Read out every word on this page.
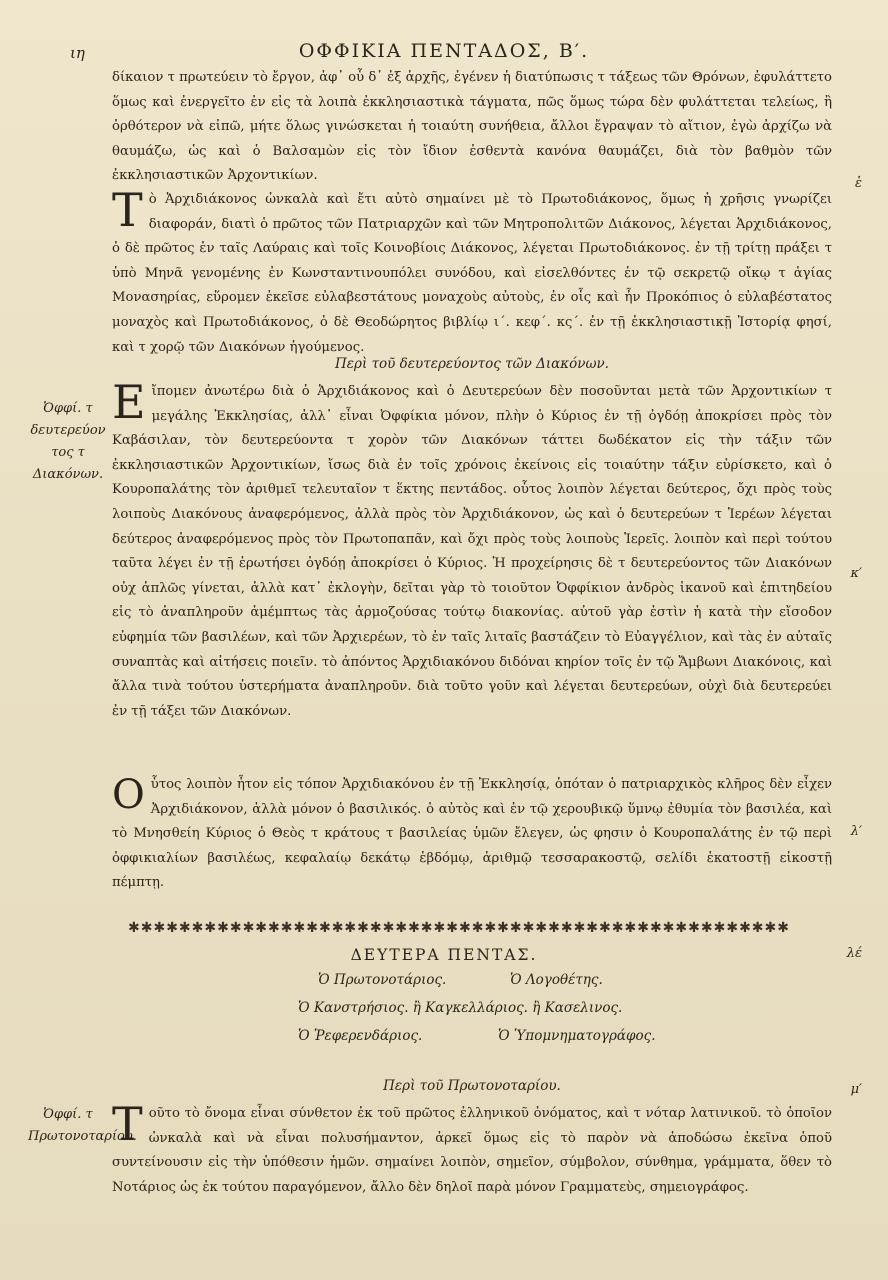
ιη	ΟΦΦΙΚΙΑ ΠΕΝΤΑΔΟΣ, Β′.

δίκαιον τ πρωτεύειν τὸ ἔργον, ἀφ᾽ οὗ δ᾽ ἐξ ἀρχῆς, ἐγένεν ἡ διατύπωσις τ τάξεως τῶν Θρόνων, ἐφυλάττετο ὅμως καὶ ἐνεργεῖτο ἐν εἰς τὰ λοιπὰ ἐκκλησιαστικὰ τάγματα, πῶς ὅμως τώρα δὲν φυλάττεται τελείως, ἢ ὀρθότερον νὰ εἰπῶ, μήτε ὅλως γινώσκεται ἡ τοιαύτη συνήθεια, ἄλλοι ἔγραψαν τὸ αἴτιον, ἐγὼ ἀρχίζω νὰ θαυμάζω, ὡς καὶ ὁ Βαλσαμὼν εἰς τὸν ἴδιον ἐσθεντὰ κανόνα θαυμάζει, διὰ τὸν βαθμὸν τῶν ἐκκλησιαστικῶν Ἀρχοντικίων.

Τ ὸ Ἀρχιδιάκονος ὠνκαλὰ καὶ ἔτι αὐτὸ σημαίνει μὲ τὸ Πρωτοδιάκονος, ὅμως ἡ χρῆσις γνωρίζει διαφοράν, διατὶ ὁ πρῶτος τῶν Πατριαρχῶν καὶ τῶν Μητροπολιτῶν Διάκονος, λέγεται Ἀρχιδιάκονος, ὁ δὲ πρῶτος ἐν ταῖς Λαύραις καὶ τοῖς Κοινοβίοις Διάκονος, λέγεται Πρωτοδιάκονος. ἐν τῇ τρίτῃ πράξει τ ὑπὸ Μηνᾶ γενομένης ἐν Κωνσταντινουπόλει συνόδου, καὶ εἰσελθόντες ἐν τῷ σεκρετῷ οἴκῳ τ ἁγίας Μονασηρίας, εὕρομεν ἐκεῖσε εὐλαβεστάτους μοναχοὺς αὐτοὺς, ἐν οἷς καὶ ἦν Προκόπιος ὁ εὐλαβέστατος μοναχὸς καὶ Πρωτοδιάκονος, ὁ δὲ Θεοδώρητος βιβλίῳ ι΄. κεφ΄. κς΄. ἐν τῇ ἐκκλησιαστικῇ Ἱστορίᾳ φησί, καὶ τ χορῷ τῶν Διακόνων ἡγούμενος.

Περὶ τοῦ δευτερεύοντος τῶν Διακόνων.
Ὀφφί. τ δευτερεύον τος τ Διακόνων.
Ε ἴπομεν ἀνωτέρω διὰ ὁ Ἀρχιδιάκονος καὶ ὁ Δευτερεύων δὲν ποσοῦνται μετὰ τῶν Ἀρχοντικίων τ μεγάλης Ἐκκλησίας, ἀλλ᾽ εἶναι Ὀφφίκια μόνον, πλὴν ὁ Κύριος ἐν τῇ ὀγδόῃ ἀποκρίσει πρὸς τὸν Καβάσιλαν, τὸν δευτερεύοντα τ χορὸν τῶν Διακόνων τάττει δωδέκατον εἰς τὴν τάξιν τῶν ἐκκλησιαστικῶν Ἀρχοντικίων, ἴσως διὰ ἐν τοῖς χρόνοις ἐκείνοις εἰς τοιαύτην τάξιν εὑρίσκετο, καὶ ὁ Κουροπαλάτης τὸν ἀριθμεῖ τελευταῖον τ ἕκτης πεντάδος. οὗτος λοιπὸν λέγεται δεύτερος, ὄχι πρὸς τοὺς λοιποὺς Διακόνους ἀναφερόμενος, ἀλλὰ πρὸς τὸν Ἀρχιδιάκονον, ὡς καὶ ὁ δευτερεύων τ Ἱερέων λέγεται δεύτερος ἀναφερόμενος πρὸς τὸν Πρωτοπαπᾶν, καὶ ὄχι πρὸς τοὺς λοιποὺς Ἱερεῖς. λοιπὸν καὶ περὶ τούτου ταῦτα λέγει ἐν τῇ ἐρωτήσει ὀγδόῃ ἀποκρίσει ὁ Κύριος. Ἡ προχείρησις δὲ τ δευτερεύοντος τῶν Διακόνων οὐχ ἁπλῶς γίνεται, ἀλλὰ κατ᾽ ἐκλογὴν, δεῖται γὰρ τὸ τοιοῦτον Ὀφφίκιον ἀνδρὸς ἱκανοῦ καὶ ἐπιτηδείου εἰς τὸ ἀναπληροῦν ἀμέμπτως τὰς ἁρμοζούσας τούτῳ διακονίας. αὐτοῦ γὰρ ἐστὶν ἡ κατὰ τὴν εἴσοδον εὐφημία τῶν βασιλέων, καὶ τῶν Ἀρχιερέων, τὸ ἐν ταῖς λιταῖς βαστάζειν τὸ Εὐαγγέλιον, καὶ τὰς ἐν αὐταῖς συναπτὰς καὶ αἰτήσεις ποιεῖν. τὸ ἀπόντος Ἀρχιδιακόνου διδόναι κηρίον τοῖς ἐν τῷ Ἄμβωνι Διακόνοις, καὶ ἄλλα τινὰ τούτου ὑστερήματα ἀναπληροῦν. διὰ τοῦτο γοῦν καὶ λέγεται δευτερεύων, οὐχὶ διὰ δευτερεύει ἐν τῇ τάξει τῶν Διακόνων.

Ο ὗτος λοιπὸν ἦτον εἰς τόπον Ἀρχιδιακόνου ἐν τῇ Ἐκκλησίᾳ, ὁπόταν ὁ πατριαρχικὸς κλῆρος δὲν εἶχεν Ἀρχιδιάκονον, ἀλλὰ μόνον ὁ βασιλικός. ὁ αὐτὸς καὶ ἐν τῷ χερουβικῷ ὕμνῳ ἐθυμία τὸν βασιλέα, καὶ τὸ Μνησθείη Κύριος ὁ Θεὸς τ κράτους τ βασιλείας ὑμῶν ἔλεγεν, ὡς φησιν ὁ Κουροπαλάτης ἐν τῷ περὶ ὀφφικιαλίων βασιλέως, κεφαλαίῳ δεκάτῳ ἑβδόμῳ, ἀριθμῷ τεσσαρακοστῷ, σελίδι ἑκατοστῇ εἰκοστῇ πέμπτῃ.

ἑ
κ′
λ′
λέ
μ′
✱✱✱✱✱✱✱✱✱✱✱✱✱✱✱✱✱✱✱✱✱✱✱✱✱✱✱✱✱✱✱✱✱✱✱✱✱✱✱✱✱✱✱✱✱✱✱✱✱✱✱✱
ΔΕΥΤΕΡΑ ΠΕΝΤΑΣ.
Ὁ Πρωτονοτάριος.	Ὁ Λογοθέτης.
Ὁ Κανστρήσιος. ἢ Καγκελλάριος. ἢ Κασελινος.
Ὁ Ῥεφερενδάριος.	Ὁ Ὑπομνηματογράφος.
Περὶ τοῦ Πρωτονοταρίου.
Ὀφφί. τ Πρωτονοταρίου.
Τ οῦτο τὸ ὄνομα εἶναι σύνθετον ἐκ τοῦ πρῶτος ἑλληνικοῦ ὀνόματος, καὶ τ νόταρ λατινικοῦ. τὸ ὁποῖον ὠνκαλὰ καὶ νὰ εἶναι πολυσήμαντον, ἀρκεῖ ὅμως εἰς τὸ παρὸν νὰ ἀποδώσω ἐκεῖνα ὁποῦ συντείνουσιν εἰς τὴν ὑπόθεσιν ἡμῶν. σημαίνει λοιπὸν, σημεῖον, σύμβολον, σύνθημα, γράμματα, ὅθεν τὸ Νοτάριος ὡς ἐκ τούτου παραγόμενον, ἄλλο δὲν δηλοῖ παρὰ μόνον Γραμματεὺς, σημειογράφος.
